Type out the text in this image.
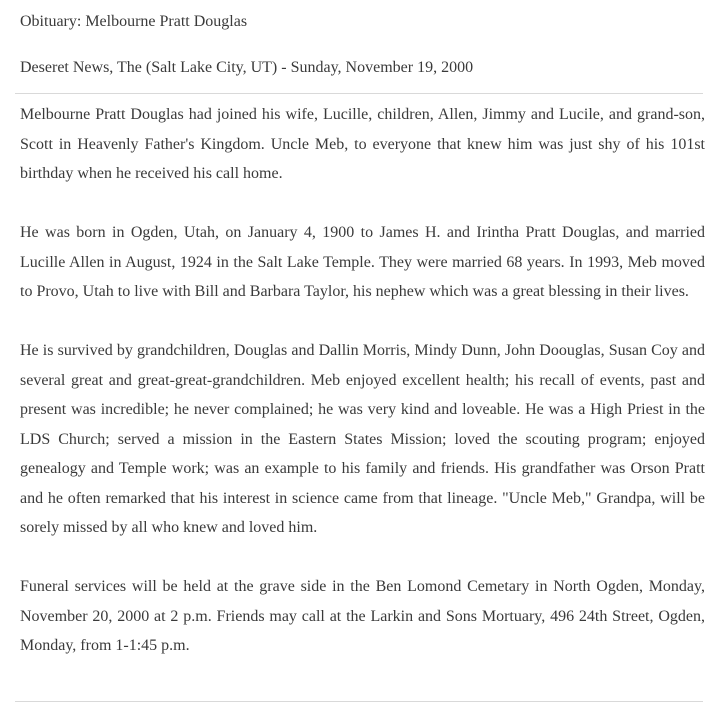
Obituary: Melbourne Pratt Douglas
Deseret News, The (Salt Lake City, UT) - Sunday, November 19, 2000

Melbourne Pratt Douglas had joined his wife, Lucille, children, Allen, Jimmy and Lucile, and grand-son, Scott in Heavenly Father's Kingdom. Uncle Meb, to everyone that knew him was just shy of his 101st birthday when he received his call home.

He was born in Ogden, Utah, on January 4, 1900 to James H. and Irintha Pratt Douglas, and married Lucille Allen in August, 1924 in the Salt Lake Temple. They were married 68 years. In 1993, Meb moved to Provo, Utah to live with Bill and Barbara Taylor, his nephew which was a great blessing in their lives.

He is survived by grandchildren, Douglas and Dallin Morris, Mindy Dunn, John Doouglas, Susan Coy and several great and great-great-grandchildren. Meb enjoyed excellent health; his recall of events, past and present was incredible; he never complained; he was very kind and loveable. He was a High Priest in the LDS Church; served a mission in the Eastern States Mission; loved the scouting program; enjoyed genealogy and Temple work; was an example to his family and friends. His grandfather was Orson Pratt and he often remarked that his interest in science came from that lineage. "Uncle Meb," Grandpa, will be sorely missed by all who knew and loved him.

Funeral services will be held at the grave side in the Ben Lomond Cemetary in North Ogden, Monday, November 20, 2000 at 2 p.m. Friends may call at the Larkin and Sons Mortuary, 496 24th Street, Ogden, Monday, from 1-1:45 p.m.
